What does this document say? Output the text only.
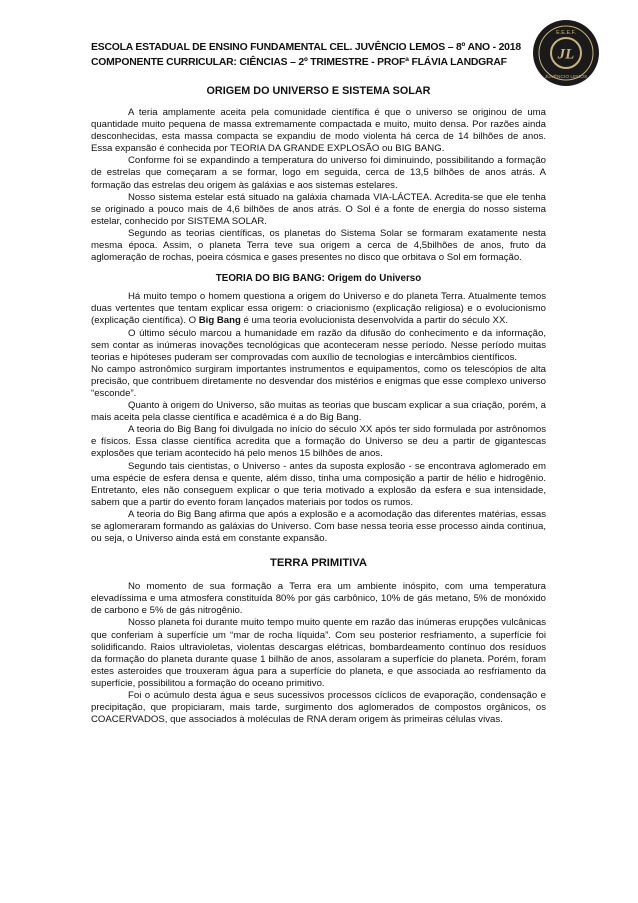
ESCOLA ESTADUAL DE ENSINO FUNDAMENTAL CEL. JUVÊNCIO LEMOS – 8º ANO - 2018
COMPONENTE CURRICULAR: CIÊNCIAS – 2º TRIMESTRE - PROFª FLÁVIA LANDGRAF	JL
E.E.E.F.
JUVÊNCIO LEMOS
ORIGEM DO UNIVERSO E SISTEMA SOLAR

A teria amplamente aceita pela comunidade científica é que o universo se originou de uma quantidade muito pequena de massa extremamente compactada e muito, muito densa. Por razões ainda desconhecidas, esta massa compacta se expandiu de modo violenta há cerca de 14 bilhões de anos. Essa expansão é conhecida por TEORIA DA GRANDE EXPLOSÃO ou BIG BANG.

Conforme foi se expandindo a temperatura do universo foi diminuindo, possibilitando a formação de estrelas que começaram a se formar, logo em seguida, cerca de 13,5 bilhões de anos atrás. A formação das estrelas deu origem às galáxias e aos sistemas estelares.

Nosso sistema estelar está situado na galáxia chamada VIA-LÁCTEA. Acredita-se que ele tenha se originado a pouco mais de 4,6 bilhões de anos atrás. O Sol é a fonte de energia do nosso sistema estelar, conhecido por SISTEMA SOLAR.

Segundo as teorias científicas, os planetas do Sistema Solar se formaram exatamente nesta mesma época. Assim, o planeta Terra teve sua origem a cerca de 4,5bilhões de anos, fruto da aglomeração de rochas, poeira cósmica e gases presentes no disco que orbitava o Sol em formação.

TEORIA DO BIG BANG: Origem do Universo

Há muito tempo o homem questiona a origem do Universo e do planeta Terra. Atualmente temos duas vertentes que tentam explicar essa origem: o criacionismo (explicação religiosa) e o evolucionismo (explicação científica). O Big Bang é uma teoria evolucionista desenvolvida a partir do século XX.

O último século marcou a humanidade em razão da difusão do conhecimento e da informação, sem contar as inúmeras inovações tecnológicas que aconteceram nesse período. Nesse período muitas teorias e hipóteses puderam ser comprovadas com auxílio de tecnologias e intercâmbios científicos.

No campo astronômico surgiram importantes instrumentos e equipamentos, como os telescópios de alta precisão, que contribuem diretamente no desvendar dos mistérios e enigmas que esse complexo universo “esconde”.

Quanto à origem do Universo, são muitas as teorias que buscam explicar a sua criação, porém, a mais aceita pela classe científica e acadêmica é a do Big Bang.

A teoria do Big Bang foi divulgada no início do século XX após ter sido formulada por astrônomos e físicos. Essa classe científica acredita que a formação do Universo se deu a partir de gigantescas explosões que teriam acontecido há pelo menos 15 bilhões de anos.

Segundo tais cientistas, o Universo - antes da suposta explosão - se encontrava aglomerado em uma espécie de esfera densa e quente, além disso, tinha uma composição a partir de hélio e hidrogênio. Entretanto, eles não conseguem explicar o que teria motivado a explosão da esfera e sua intensidade, sabem que a partir do evento foram lançados materiais por todos os rumos.

A teoria do Big Bang afirma que após a explosão e a acomodação das diferentes matérias, essas se aglomeraram formando as galáxias do Universo. Com base nessa teoria esse processo ainda continua, ou seja, o Universo ainda está em constante expansão.

TERRA PRIMITIVA

No momento de sua formação a Terra era um ambiente inóspito, com uma temperatura elevadíssima e uma atmosfera constituída 80% por gás carbônico, 10% de gás metano, 5% de monóxido de carbono e 5% de gás nitrogênio.

Nosso planeta foi durante muito tempo muito quente em razão das inúmeras erupções vulcânicas que conferiam à superfície um “mar de rocha líquida”. Com seu posterior resfriamento, a superfície foi solidificando. Raios ultravioletas, violentas descargas elétricas, bombardeamento contínuo dos resíduos da formação do planeta durante quase 1 bilhão de anos, assolaram a superfície do planeta. Porém, foram estes asteroides que trouxeram água para a superfície do planeta, e que associada ao resfriamento da superfície, possibilitou a formação do oceano primitivo.

Foi o acúmulo desta água e seus sucessivos processos cíclicos de evaporação, condensação e precipitação, que propiciaram, mais tarde, surgimento dos aglomerados de compostos orgânicos, os COACERVADOS, que associados à moléculas de RNA deram origem às primeiras células vivas.
